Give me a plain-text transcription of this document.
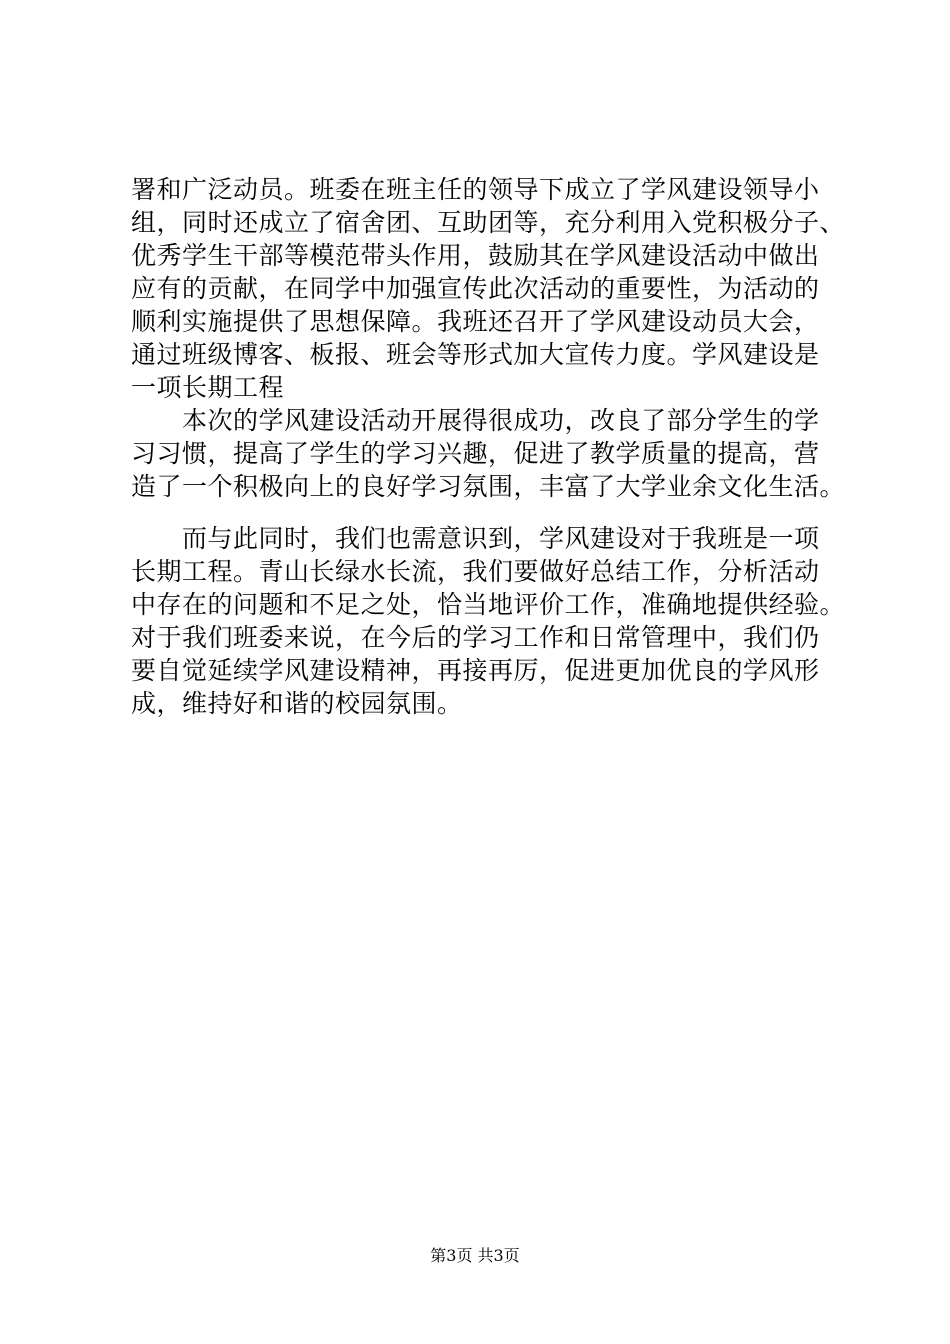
署和广泛动员。班委在班主任的领导下成立了学风建设领导小
组，同时还成立了宿舍团、互助团等，充分利用入党积极分子、
优秀学生干部等模范带头作用，鼓励其在学风建设活动中做出
应有的贡献，在同学中加强宣传此次活动的重要性，为活动的
顺利实施提供了思想保障。我班还召开了学风建设动员大会，
通过班级博客、板报、班会等形式加大宣传力度。学风建设是
一项长期工程
　　本次的学风建设活动开展得很成功，改良了部分学生的学
习习惯，提高了学生的学习兴趣，促进了教学质量的提高，营
造了一个积极向上的良好学习氛围，丰富了大学业余文化生活。
　　而与此同时，我们也需意识到，学风建设对于我班是一项
长期工程。青山长绿水长流，我们要做好总结工作，分析活动
中存在的问题和不足之处，恰当地评价工作，准确地提供经验。
对于我们班委来说，在今后的学习工作和日常管理中，我们仍
要自觉延续学风建设精神，再接再厉，促进更加优良的学风形
成，维持好和谐的校园氛围。
第3页 共3页
